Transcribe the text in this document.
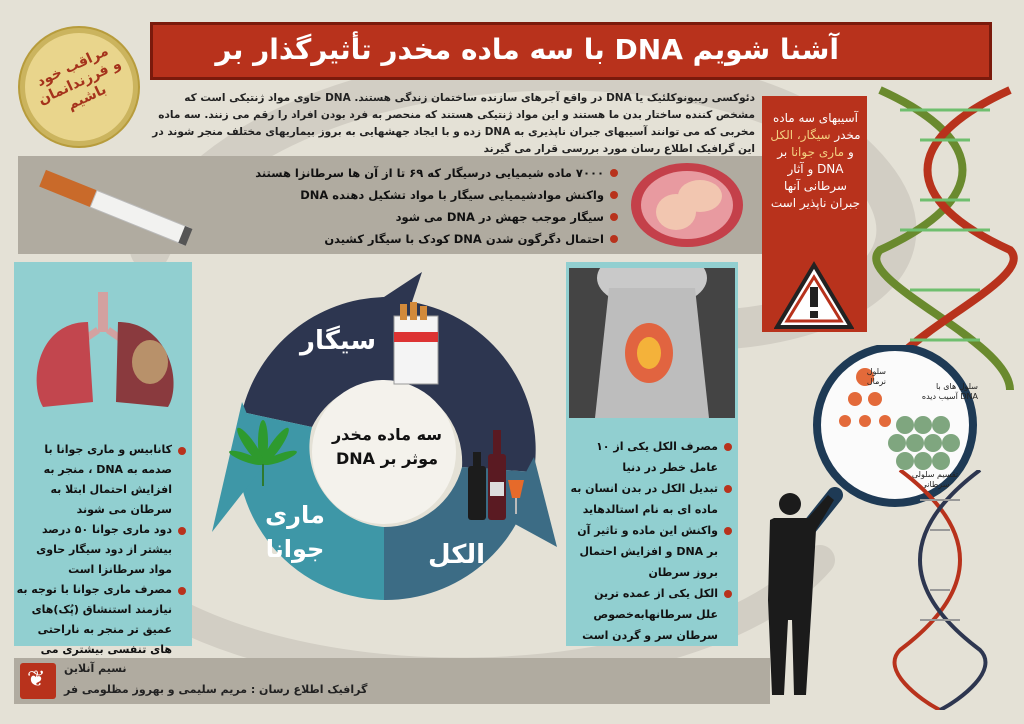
با سه ماده مخدر تأثیرگذار بر DNA آشنا شویم
مراقب خود و فرزندانمان باشیم	دئوکسی ریبونوکلئیک یا DNA در واقع آجرهای سازنده ساختمان زندگی هستند. DNA حاوی مواد ژنتیکی است که مشخص کننده ساختار بدن ما هستند و این مواد ژنتیکی هستند که منحصر به فرد بودن افراد را رقم می زنند. سه ماده مخربی که می توانند آسیبهای جبران ناپذیری به DNA زده و با ایجاد جهشهایی به بروز بیماریهای مختلف منجر شوند در این گرافیک اطلاع رسان مورد بررسی قرار می گیرند
آسیبهای سه ماده مخدر سیگار، الکل و ماری جوانا بر DNA و آثار سرطانی آنها جبران ناپذیر است
۷۰۰۰ ماده شیمیایی درسیگار که ۶۹ تا از آن ها سرطانزا هستند
واکنش موادشیمیایی سیگار با مواد تشکیل دهنده DNA
سیگار موجب جهش در DNA می شود
احتمال دگرگون شدن DNA کودک با سیگار کشیدن
کانابیس و ماری جوانا با صدمه به DNA ، منجر به افزایش احتمال ابتلا به سرطان می شوند
دود ماری جوانا ۵۰ درصد بیشتر از دود سیگار حاوی مواد سرطانزا است
مصرف ماری جوانا با توجه به نیازمند استنشاق (پُک)های عمیق تر منجر به ناراحتی های تنفسی بیشتری می
مصرف الکل یکی از ۱۰ عامل خطر در دنیا
تبدیل الکل در بدن انسان به ماده ای به نام استالدهاید
واکنش این ماده و تاثیر آن بر DNA و افزایش احتمال بروز سرطان
الکل یکی از عمده ترین علل سرطانهابه‌خصوص سرطان سر و گردن است
سیگار
ماری جوانا	الکل
سه ماده مخدر موثر بر DNA
سلول نرمال
سلول های با DNA آسیب دیده
تقسیم سلولی سرطانی
❦ نسیم آنلاین
گرافیک اطلاع رسان : مریم سلیمی و بهروز مظلومی فر
